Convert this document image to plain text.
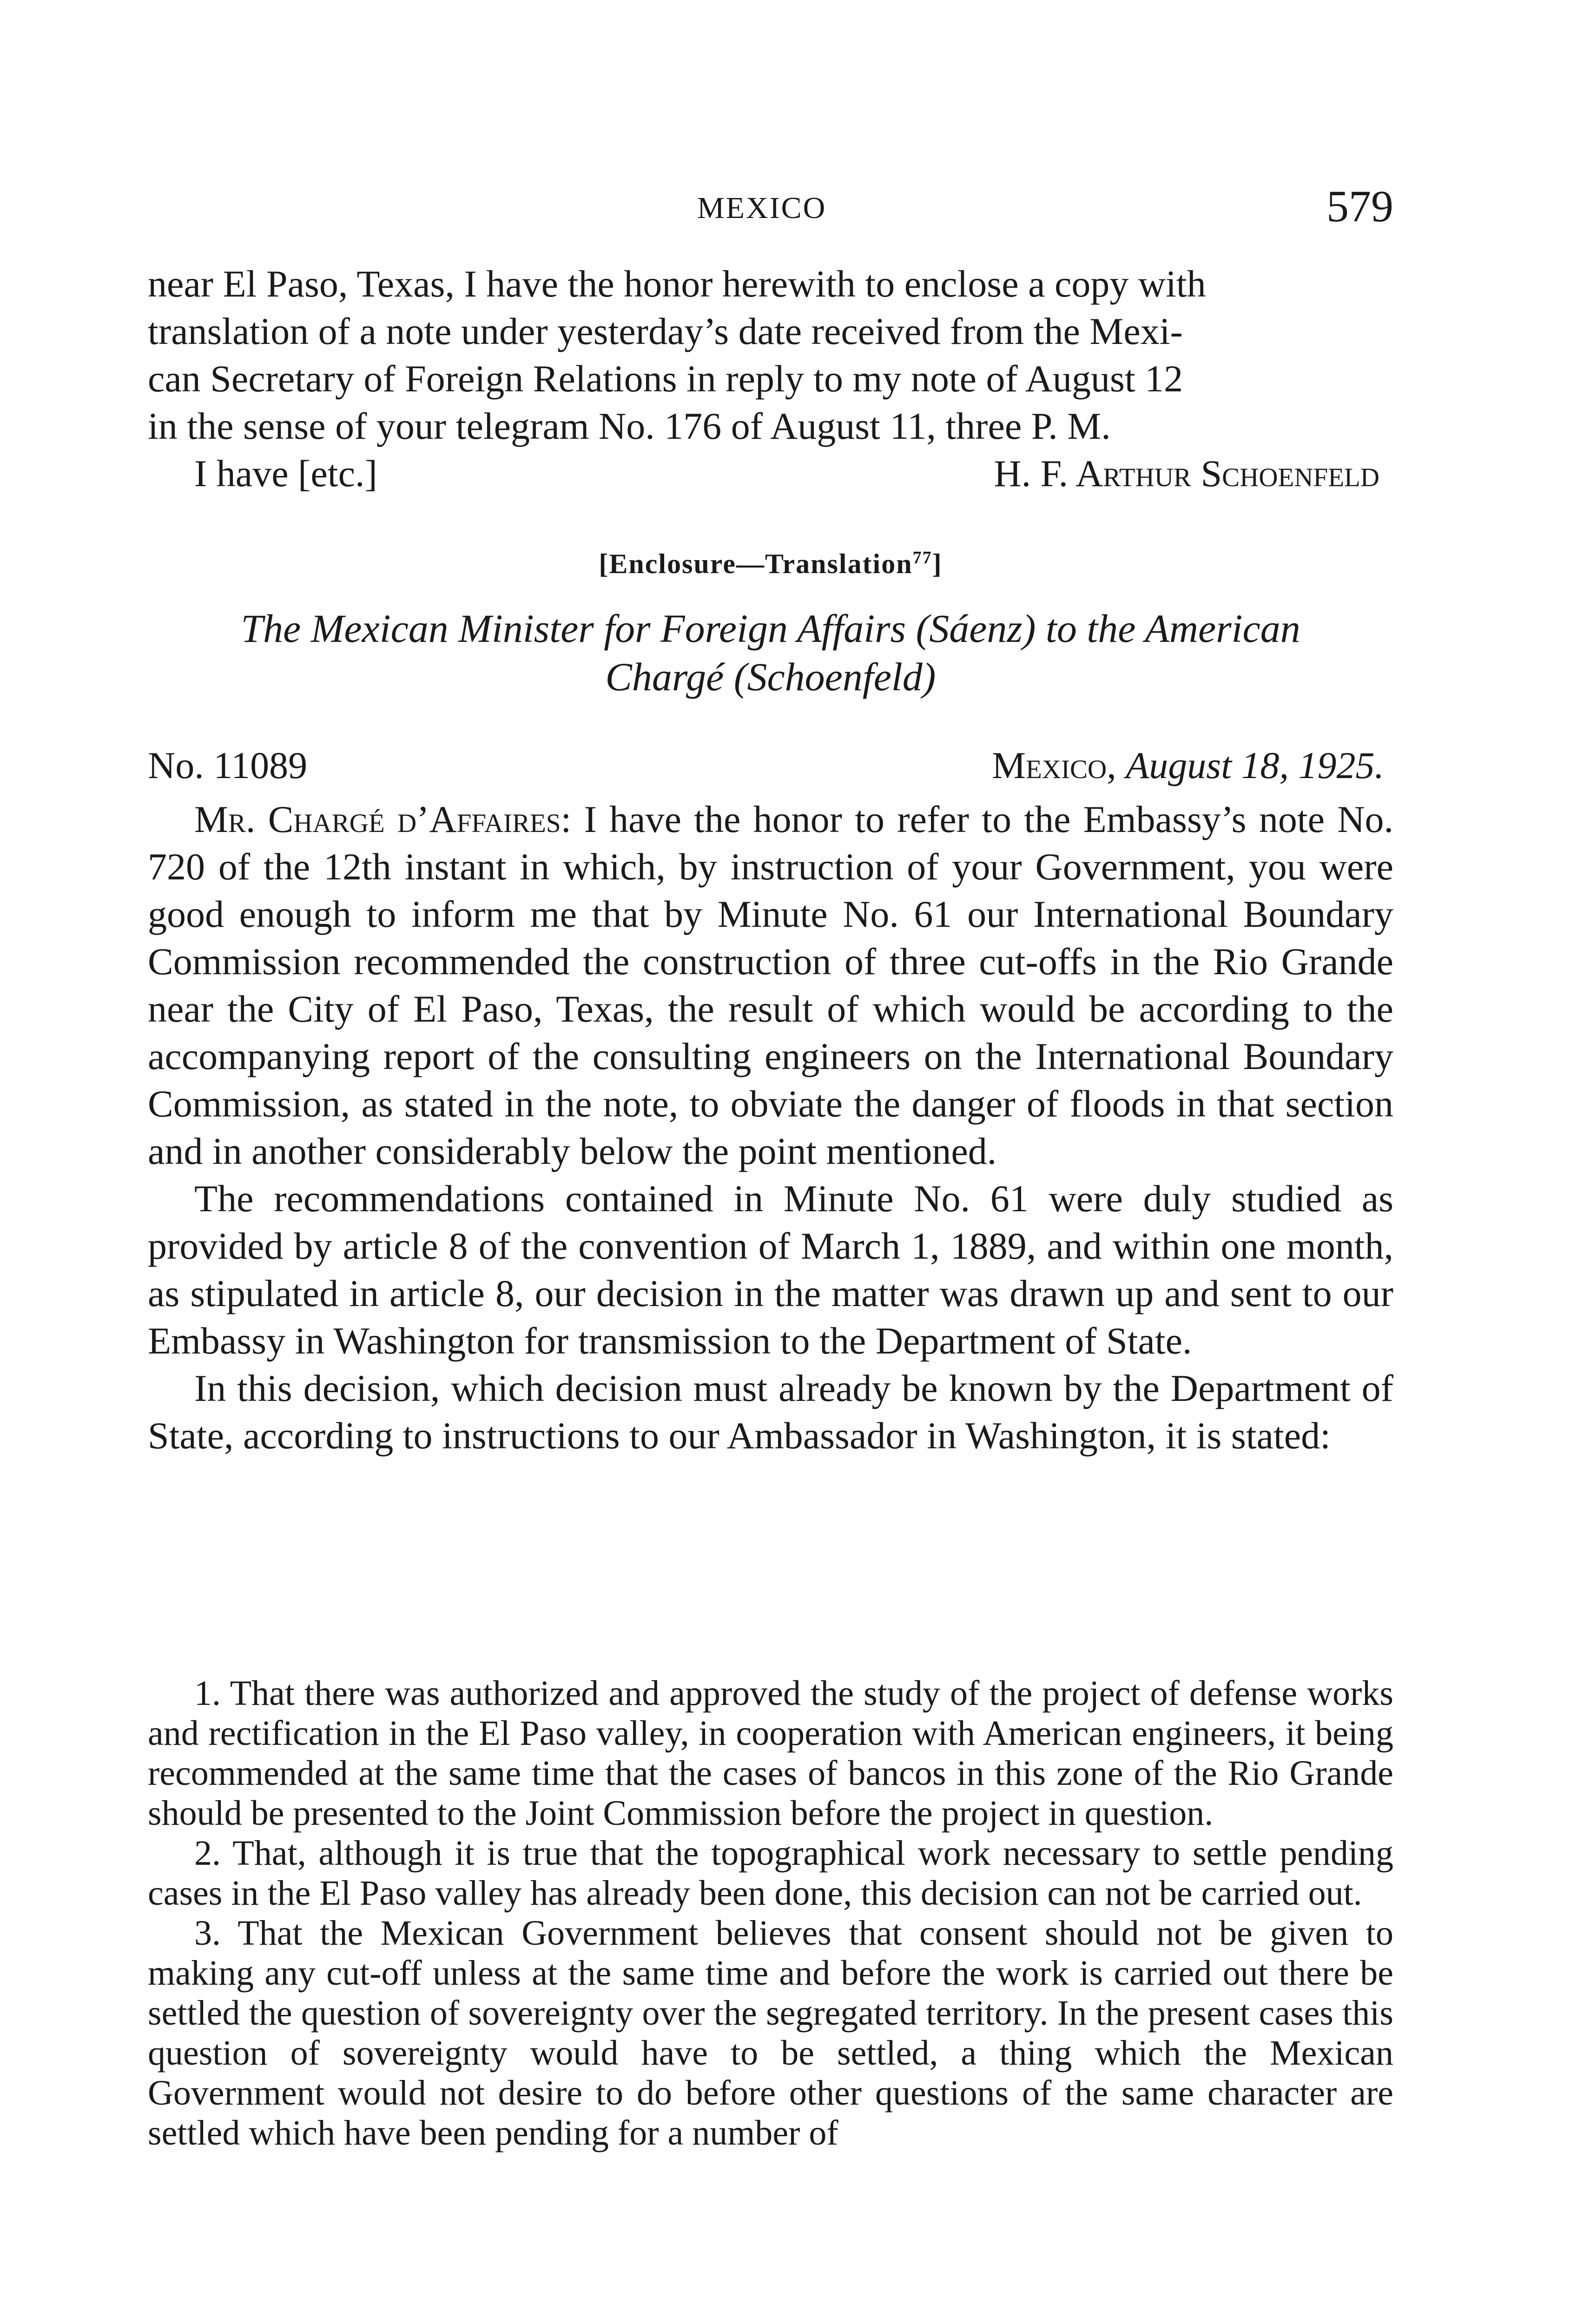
MEXICO	579
near El Paso, Texas, I have the honor herewith to enclose a copy with
translation of a note under yesterday’s date received from the Mexi-
can Secretary of Foreign Relations in reply to my note of August 12
in the sense of your telegram No. 176 of August 11, three P. M.
I have [etc.]	H. F. Arthur Schoenfeld
[Enclosure—Translation$^{77}$]
The Mexican Minister for Foreign Affairs (Sáenz) to the American
Chargé (Schoenfeld)
No. 11089	Mexico, August 18, 1925.

Mr. Chargé d’Affaires: I have the honor to refer to the Embassy’s note No. 720 of the 12th instant in which, by instruction of your Government, you were good enough to inform me that by Minute No. 61 our International Boundary Commission recommended the construction of three cut-offs in the Rio Grande near the City of El Paso, Texas, the result of which would be according to the accompanying report of the consulting engineers on the International Boundary Commission, as stated in the note, to obviate the danger of floods in that section and in another considerably below the point mentioned.

The recommendations contained in Minute No. 61 were duly studied as provided by article 8 of the convention of March 1, 1889, and within one month, as stipulated in article 8, our decision in the matter was drawn up and sent to our Embassy in Washington for transmission to the Department of State.

In this decision, which decision must already be known by the Department of State, according to instructions to our Ambassador in Washington, it is stated:

1. That there was authorized and approved the study of the project of defense works and rectification in the El Paso valley, in cooperation with American engineers, it being recommended at the same time that the cases of bancos in this zone of the Rio Grande should be presented to the Joint Commission before the project in question.

2. That, although it is true that the topographical work necessary to settle pending cases in the El Paso valley has already been done, this decision can not be carried out.

3. That the Mexican Government believes that consent should not be given to making any cut-off unless at the same time and before the work is carried out there be settled the question of sovereignty over the segregated territory. In the present cases this question of sovereignty would have to be settled, a thing which the Mexican Government would not desire to do before other questions of the same character are settled which have been pending for a number of
